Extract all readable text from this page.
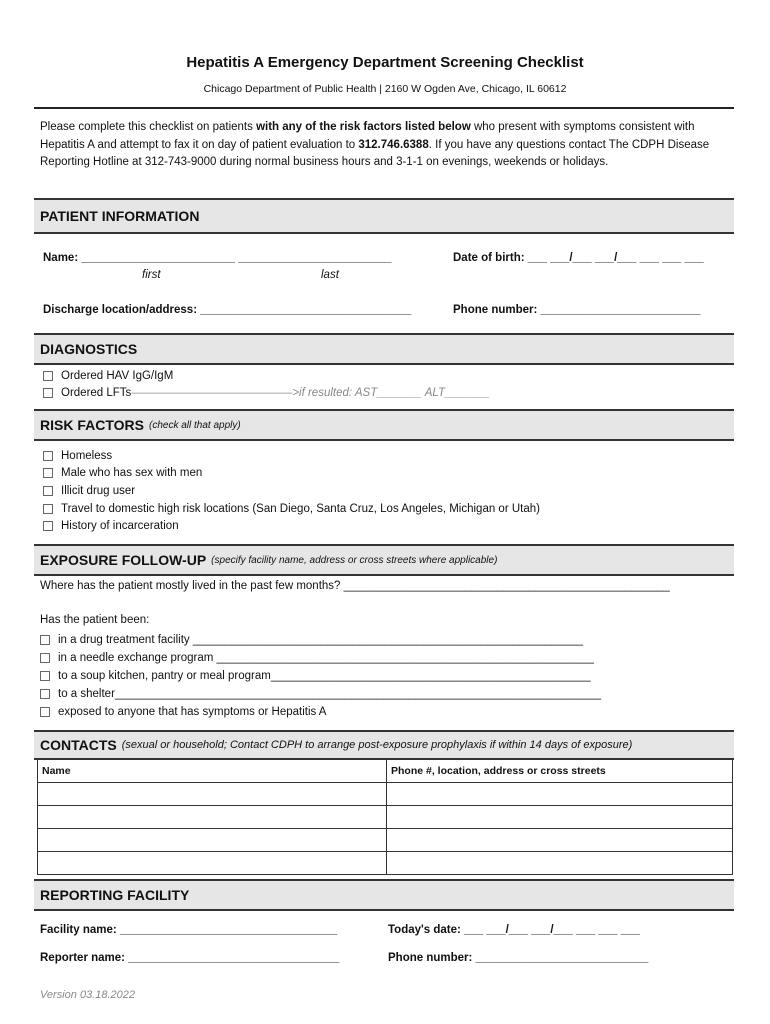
Hepatitis A Emergency Department Screening Checklist
Chicago Department of Public Health | 2160 W Ogden Ave, Chicago, IL 60612
Please complete this checklist on patients with any of the risk factors listed below who present with symptoms consistent with Hepatitis A and attempt to fax it on day of patient evaluation to 312.746.6388. If you have any questions contact The CDPH Disease Reporting Hotline at 312-743-9000 during normal business hours and 3-1-1 on evenings, weekends or holidays.
PATIENT INFORMATION
Name: ________________________ ________________________
first	last
Date of birth: ___ ___/___ ___/___ ___ ___ ___
Discharge location/address: _________________________________	Phone number: _________________________
DIAGNOSTICS
Ordered HAV IgG/IgM
Ordered LFTs——————————————>if resulted: AST_______ ALT_______
RISK FACTORS (check all that apply)
Homeless
Male who has sex with men
Illicit drug user
Travel to domestic high risk locations (San Diego, Santa Cruz, Los Angeles, Michigan or Utah)
History of incarceration
EXPOSURE FOLLOW-UP (specify facility name, address or cross streets where applicable)
Where has the patient mostly lived in the past few months? ___________________________________________________
Has the patient been:
in a drug treatment facility _____________________________________________________________
in a needle exchange program ___________________________________________________________
to a soup kitchen, pantry or meal program__________________________________________________
to a shelter____________________________________________________________________________
exposed to anyone that has symptoms or Hepatitis A
CONTACTS (sexual or household; Contact CDPH to arrange post-exposure prophylaxis if within 14 days of exposure)
Name	Phone #, location, address or cross streets

REPORTING FACILITY
Facility name: __________________________________	Today's date: ___ ___/___ ___/___ ___ ___ ___
Reporter name: _________________________________	Phone number: ___________________________
Version 03.18.2022
